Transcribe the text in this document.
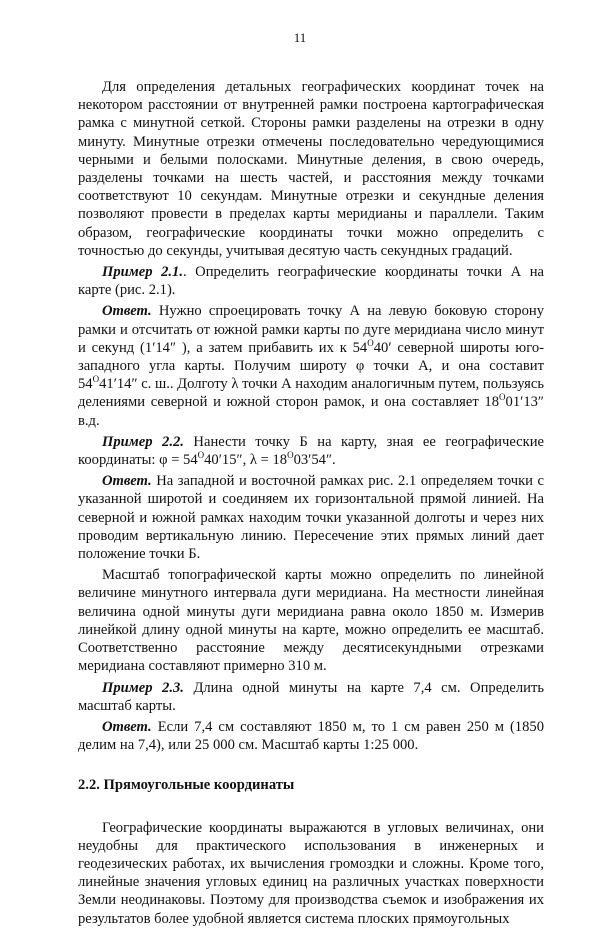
11

Для определения детальных географических координат точек на некотором расстоянии от внутренней рамки построена картографическая рамка с минутной сеткой. Стороны рамки разделены на отрезки в одну минуту. Минутные отрезки отмечены последовательно чередующимися черными и белыми полосками. Минутные деления, в свою очередь, разделены точками на шесть частей, и расстояния между точками соответствуют 10 секундам. Минутные отрезки и секундные деления позволяют провести в пределах карты меридианы и параллели. Таким образом, географические координаты точки можно определить с точностью до секунды, учитывая десятую часть секундных градаций.

Пример 2.1.. Определить географические координаты точки А на карте (рис. 2.1).

Ответ. Нужно спроецировать точку А на левую боковую сторону рамки и отсчитать от южной рамки карты по дуге меридиана число минут и секунд (1′14″ ), а затем прибавить их к $54^O40'$ северной широты юго-западного угла карты. Получим широту φ точки А, и она составит $54^O41'14''$ с. ш.. Долготу λ точки А находим аналогичным путем, пользуясь делениями северной и южной сторон рамок, и она составляет $18^O01'13''$ в.д.

Пример 2.2. Нанести точку Б на карту, зная ее географические координаты: $\varphi = 54^O40'15''$, $\lambda = 18^O03'54''$.

Ответ. На западной и восточной рамках рис. 2.1 определяем точки с указанной широтой и соединяем их горизонтальной прямой линией. На северной и южной рамках находим точки указанной долготы и через них проводим вертикальную линию. Пересечение этих прямых линий дает положение точки Б.

Масштаб топографической карты можно определить по линейной величине минутного интервала дуги меридиана. На местности линейная величина одной минуты дуги меридиана равна около 1850 м. Измерив линейкой длину одной минуты на карте, можно определить ее масштаб. Соответственно расстояние между десятисекундными отрезками меридиана составляют примерно 310 м.

Пример 2.3. Длина одной минуты на карте 7,4 см. Определить масштаб карты.

Ответ. Если 7,4 см составляют 1850 м, то 1 см равен 250 м (1850 делим на 7,4), или 25 000 см. Масштаб карты 1:25 000.

2.2. Прямоугольные координаты

Географические координаты выражаются в угловых величинах, они неудобны для практического использования в инженерных и геодезических работах, их вычисления громоздки и сложны. Кроме того, линейные значения угловых единиц на различных участках поверхности Земли неодинаковы. Поэтому для производства съемок и изображения их результатов более удобной является система плоских прямоугольных
